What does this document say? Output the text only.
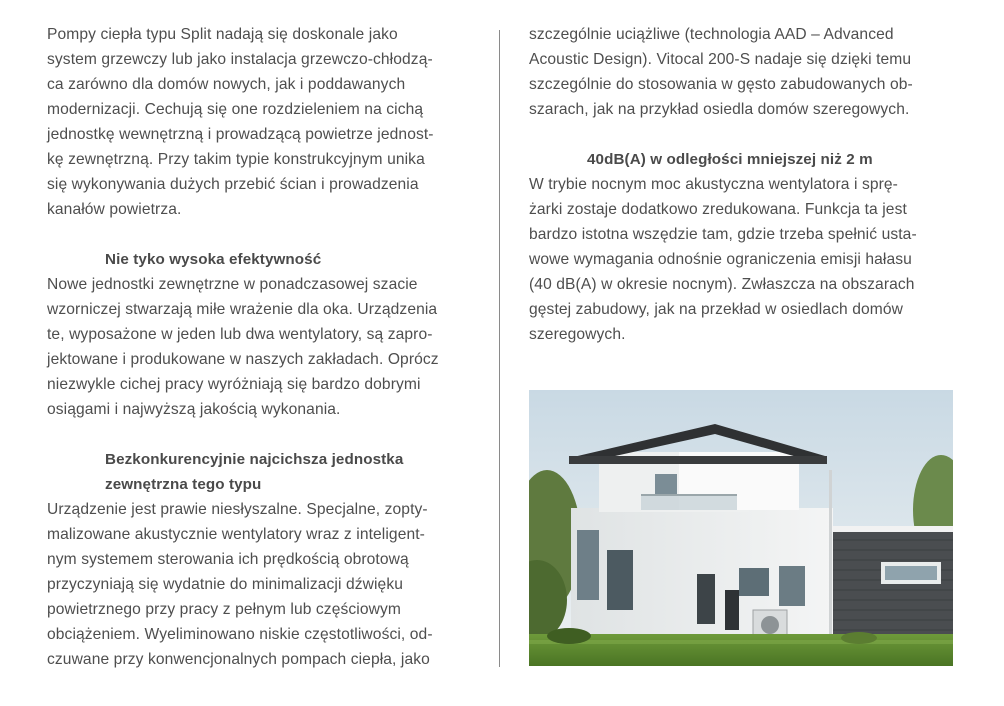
Pompy ciepła typu Split nadają się doskonale jako
system grzewczy lub jako instalacja grzewczo-chłodzą-
ca zarówno dla domów nowych, jak i poddawanych
modernizacji. Cechują się one rozdzieleniem na cichą
jednostkę wewnętrzną i prowadzącą powietrze jednost-
kę zewnętrzną. Przy takim typie konstrukcyjnym unika
się wykonywania dużych przebić ścian i prowadzenia
kanałów powietrza.
Nie tyko wysoka efektywność
Nowe jednostki zewnętrzne w ponadczasowej szacie
wzorniczej stwarzają miłe wrażenie dla oka. Urządzenia
te, wyposażone w jeden lub dwa wentylatory, są zapro-
jektowane i produkowane w naszych zakładach. Oprócz
niezwykle cichej pracy wyróżniają się bardzo dobrymi
osiągami i najwyższą jakością wykonania.
Bezkonkurencyjnie najcichsza jednostka
zewnętrzna tego typu
Urządzenie jest prawie niesłyszalne. Specjalne, zopty-
malizowane akustycznie wentylatory wraz z inteligent-
nym systemem sterowania ich prędkością obrotową
przyczyniają się wydatnie do minimalizacji dźwięku
powietrznego przy pracy z pełnym lub częściowym
obciążeniem. Wyeliminowano niskie częstotliwości, od-
czuwane przy konwencjonalnych pompach ciepła, jako
szczególnie uciążliwe (technologia AAD – Advanced
Acoustic Design). Vitocal 200-S nadaje się dzięki temu
szczególnie do stosowania w gęsto zabudowanych ob-
szarach, jak na przykład osiedla domów szeregowych.
40dB(A) w odległości mniejszej niż 2 m
W trybie nocnym moc akustyczna wentylatora i sprę-
żarki zostaje dodatkowo zredukowana. Funkcja ta jest
bardzo istotna wszędzie tam, gdzie trzeba spełnić usta-
wowe wymagania odnośnie ograniczenia emisji hałasu
(40 dB(A) w okresie nocnym). Zwłaszcza na obszarach
gęstej zabudowy, jak na przekład w osiedlach domów
szeregowych.
